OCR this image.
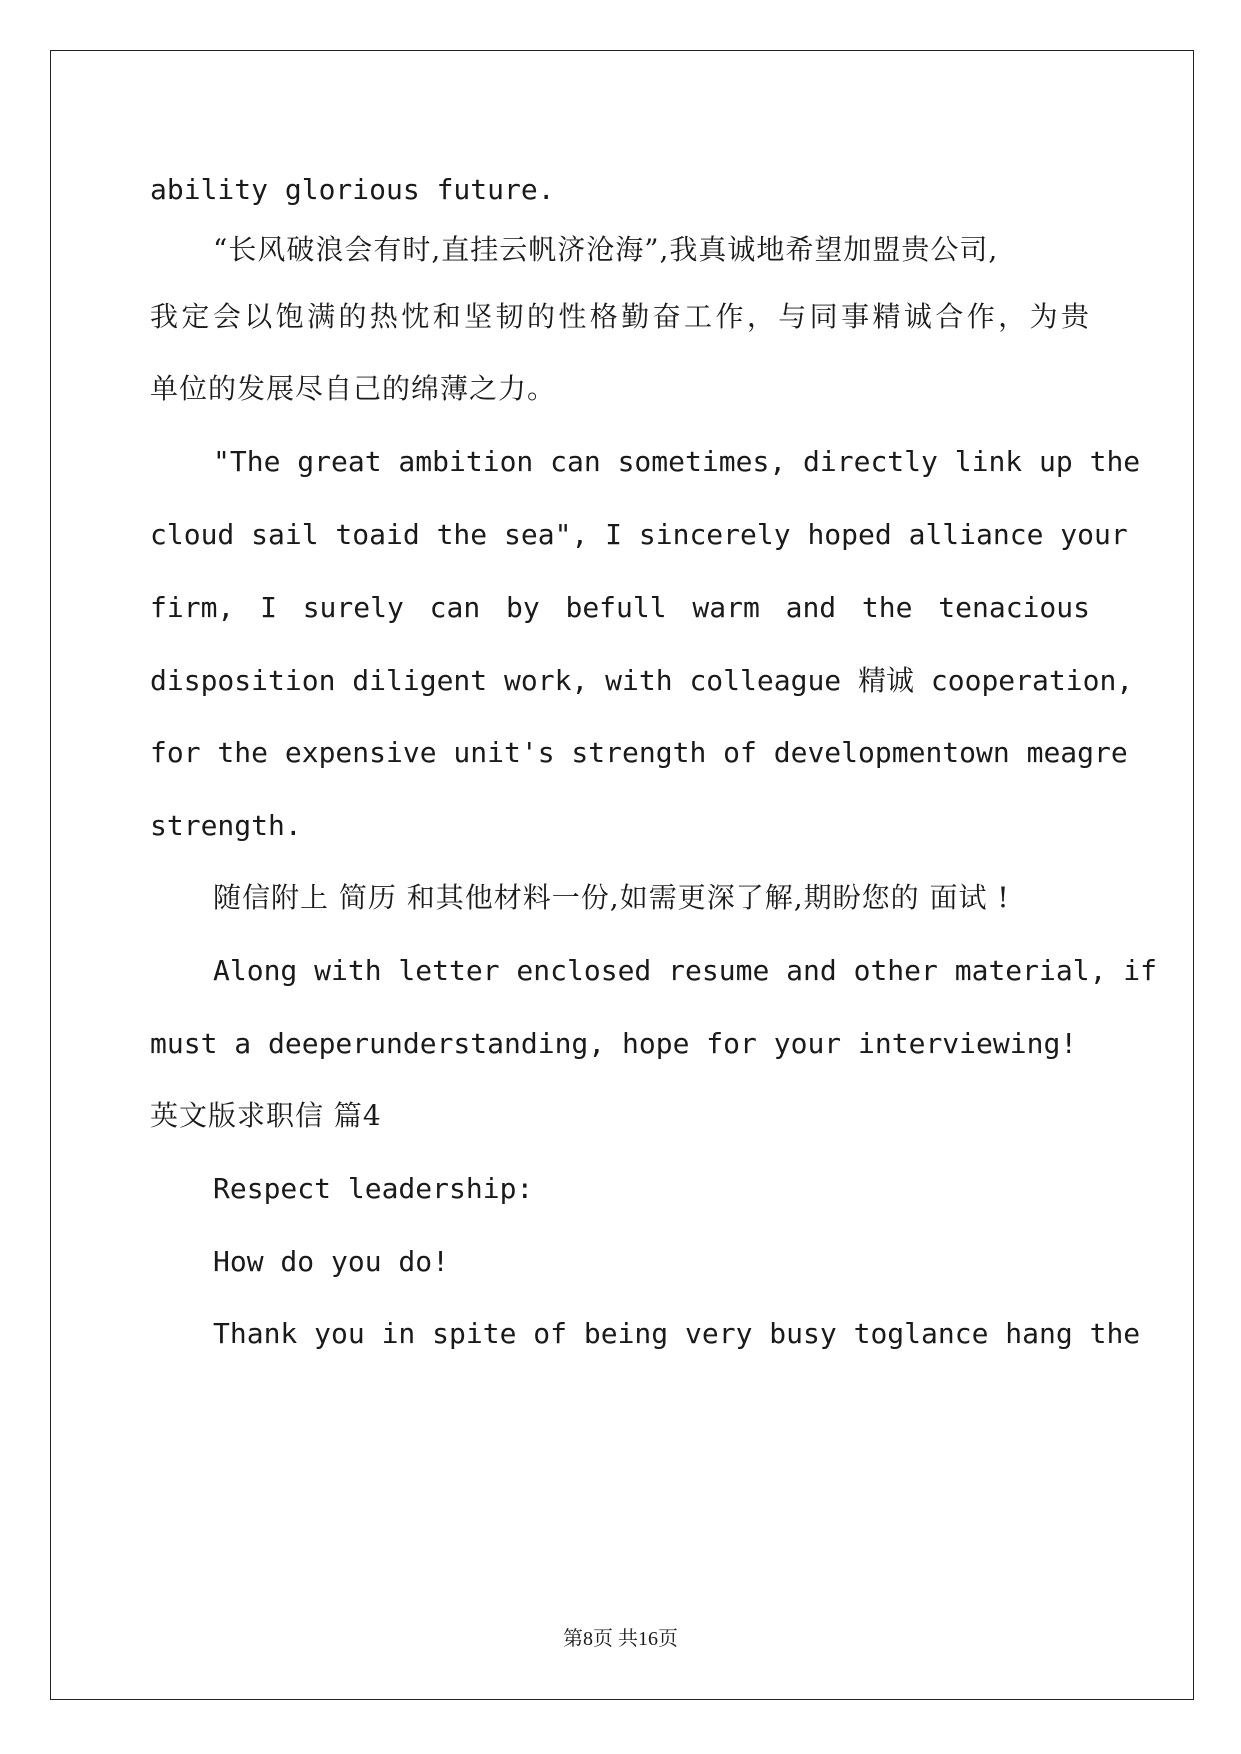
ability glorious future.

“长风破浪会有时,直挂云帆济沧海”,我真诚地希望加盟贵公司,

我定会以饱满的热忱和坚韧的性格勤奋工作，与同事精诚合作，为贵

单位的发展尽自己的绵薄之力。

"The great ambition can sometimes, directly link up the

cloud sail toaid the sea", I sincerely hoped alliance your

firm, I surely can by befull warm and the tenacious

disposition diligent work, with colleague 精诚 cooperation,

for the expensive unit's strength of developmentown meagre

strength.

随信附上 简历 和其他材料一份,如需更深了解,期盼您的 面试 !

Along with letter enclosed resume and other material, if

must a deeperunderstanding, hope for your interviewing!

英文版求职信 篇4

Respect leadership:

How do you do!

Thank you in spite of being very busy toglance hang the

第8页 共16页
